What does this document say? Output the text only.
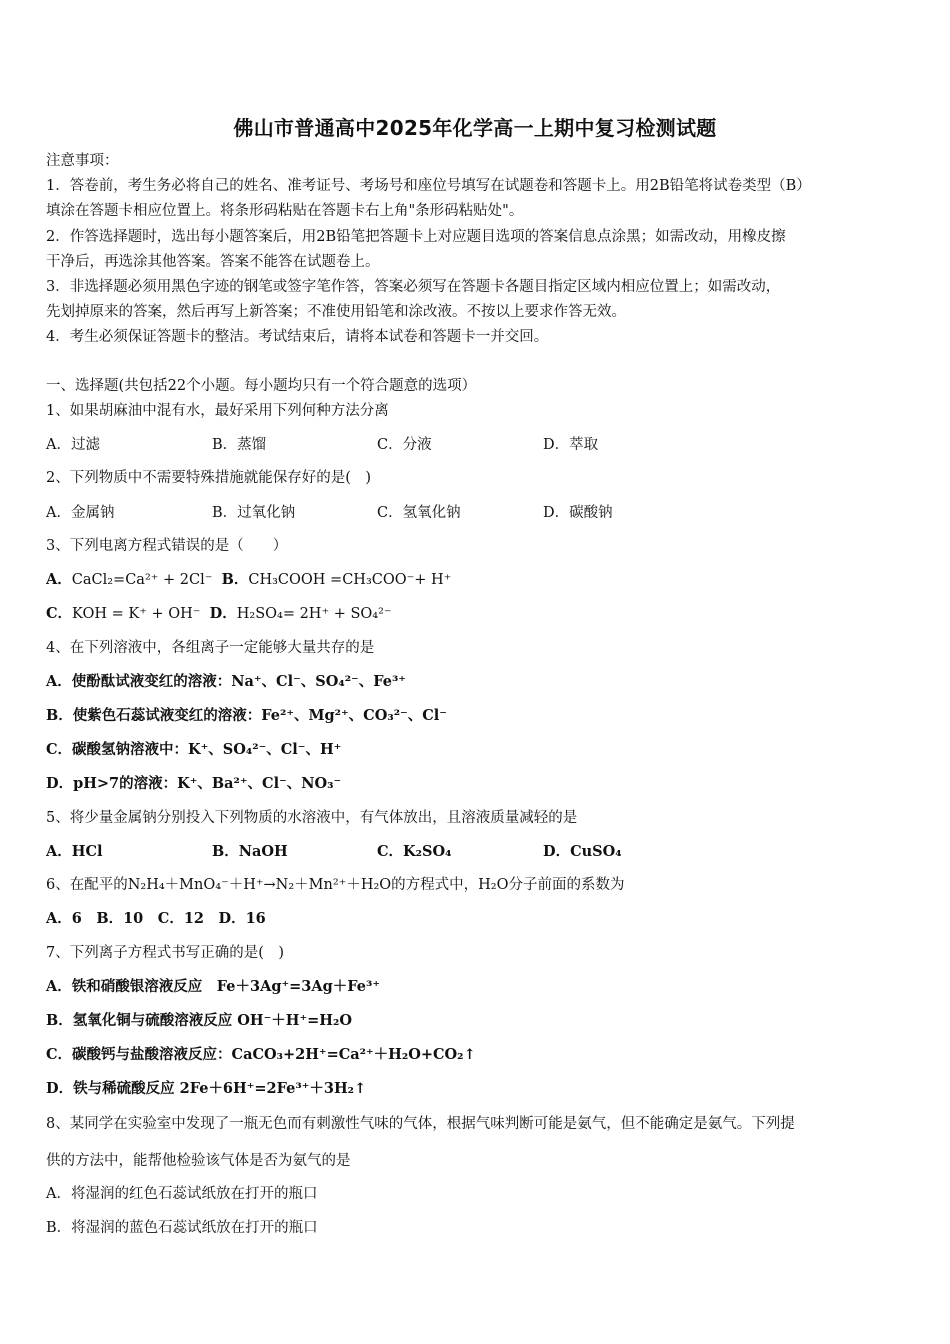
佛山市普通高中2025年化学高一上期中复习检测试题
注意事项：
1．答卷前，考生务必将自己的姓名、准考证号、考场号和座位号填写在试题卷和答题卡上。用2B铅笔将试卷类型（B）
填涂在答题卡相应位置上。将条形码粘贴在答题卡右上角"条形码粘贴处"。
2．作答选择题时，选出每小题答案后，用2B铅笔把答题卡上对应题目选项的答案信息点涂黑；如需改动，用橡皮擦
干净后，再选涂其他答案。答案不能答在试题卷上。
3．非选择题必须用黑色字迹的钢笔或签字笔作答，答案必须写在答题卡各题目指定区域内相应位置上；如需改动，
先划掉原来的答案，然后再写上新答案；不准使用铅笔和涂改液。不按以上要求作答无效。
4．考生必须保证答题卡的整洁。考试结束后，请将本试卷和答题卡一并交回。
一、选择题(共包括22个小题。每小题均只有一个符合题意的选项）
1、如果胡麻油中混有水，最好采用下列何种方法分离
A．过滤	B．蒸馏	C．分液	D．萃取
2、下列物质中不需要特殊措施就能保存好的是(　)
A．金属钠	B．过氧化钠	C．氢氧化钠	D．碳酸钠
3、下列电离方程式错误的是（　　）
A．CaCl₂=Ca²⁺ + 2Cl⁻ B．CH₃COOH =CH₃COO⁻+ H⁺
C．KOH = K⁺ + OH⁻ D．H₂SO₄= 2H⁺ + SO₄²⁻
4、在下列溶液中，各组离子一定能够大量共存的是
A．使酚酞试液变红的溶液：Na⁺、Cl⁻、SO₄²⁻、Fe³⁺
B．使紫色石蕊试液变红的溶液：Fe²⁺、Mg²⁺、CO₃²⁻、Cl⁻
C．碳酸氢钠溶液中：K⁺、SO₄²⁻、Cl⁻、H⁺
D．pH>7的溶液：K⁺、Ba²⁺、Cl⁻、NO₃⁻
5、将少量金属钠分别投入下列物质的水溶液中，有气体放出，且溶液质量减轻的是
A．HCl	B．NaOH	C．K₂SO₄	D．CuSO₄
6、在配平的N₂H₄＋MnO₄⁻＋H⁺→N₂＋Mn²⁺＋H₂O的方程式中，H₂O分子前面的系数为
A．6　B．10　C．12　D．16
7、下列离子方程式书写正确的是(　)
A．铁和硝酸银溶液反应　Fe＋3Ag⁺=3Ag＋Fe³⁺
B．氢氧化铜与硫酸溶液反应 OH⁻＋H⁺=H₂O
C．碳酸钙与盐酸溶液反应：CaCO₃+2H⁺=Ca²⁺＋H₂O+CO₂↑
D．铁与稀硫酸反应 2Fe＋6H⁺=2Fe³⁺＋3H₂↑
8、某同学在实验室中发现了一瓶无色而有刺激性气味的气体，根据气味判断可能是氨气，但不能确定是氨气。下列提
供的方法中，能帮他检验该气体是否为氨气的是
A．将湿润的红色石蕊试纸放在打开的瓶口
B．将湿润的蓝色石蕊试纸放在打开的瓶口
